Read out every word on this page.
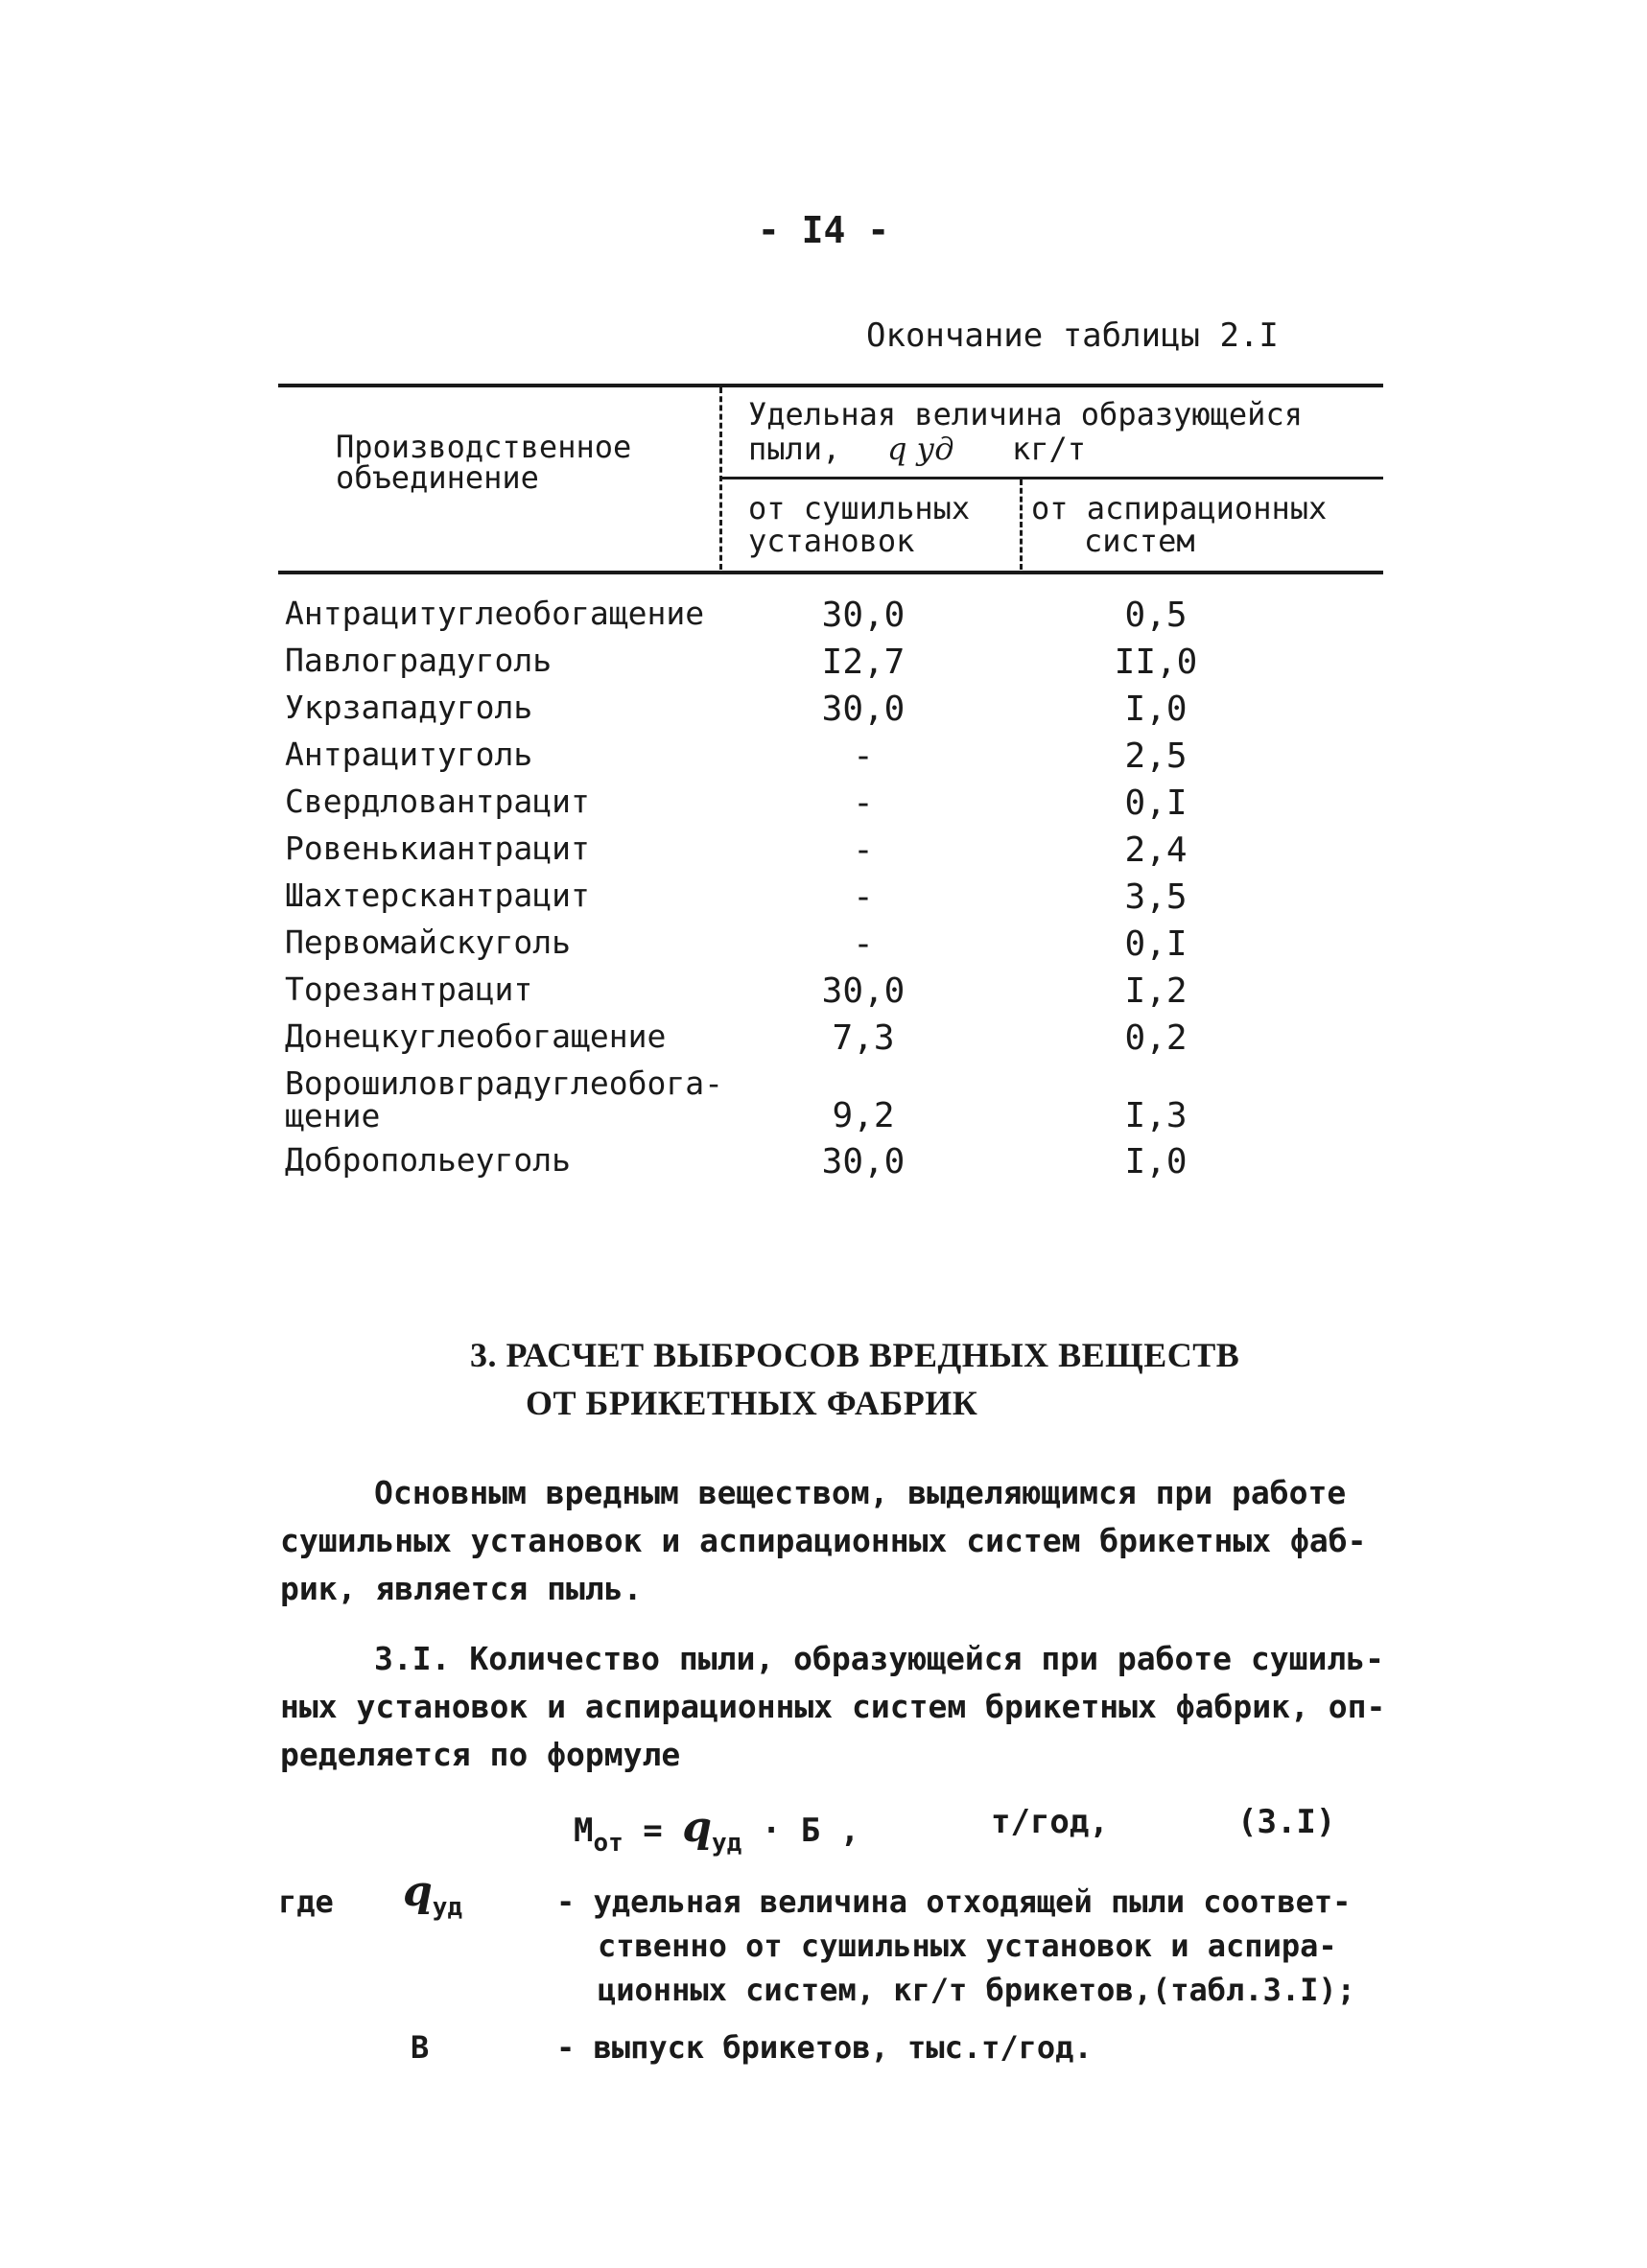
- I4 -
Окончание таблицы 2.I
Производственное
объединение
Удельная величина образующейся
пыли, q уд кг/т
от сушильных
установок
от аспирационных
систем
Антрацитуглеобогащение	30,0	0,5
Павлоградуголь	I2,7	II,0
Укрзападуголь	30,0	I,0
Антрацитуголь	-	2,5
Свердловантрацит	-	0,I
Ровенькиантрацит	-	2,4
Шахтерскантрацит	-	3,5
Первомайскуголь	-	0,I
Торезантрацит	30,0	I,2
Донецкуглеобогащение	7,3	0,2
Ворошиловградуглеобога-
щение	9,2	I,3
Добропольеуголь	30,0	I,0
3. РАСЧЕТ ВЫБРОСОВ ВРЕДНЫХ ВЕЩЕСТВ
ОТ БРИКЕТНЫХ ФАБРИК
Основным вредным веществом, выделяющимся при работе
сушильных установок и аспирационных систем брикетных фаб-
рик, является пыль.
3.I. Количество пыли, образующейся при работе сушиль-
ных установок и аспирационных систем брикетных фабрик, оп-
ределяется по формуле
$М_{от} = q_{уд} \cdot Б$ ,	т/год,	(3.I)
где $q_{уд}$	- удельная величина отходящей пыли соответ-
ственно от сушильных установок и аспира-
ционных систем, кг/т брикетов,(табл.3.I);
В	- выпуск брикетов, тыс.т/год.
